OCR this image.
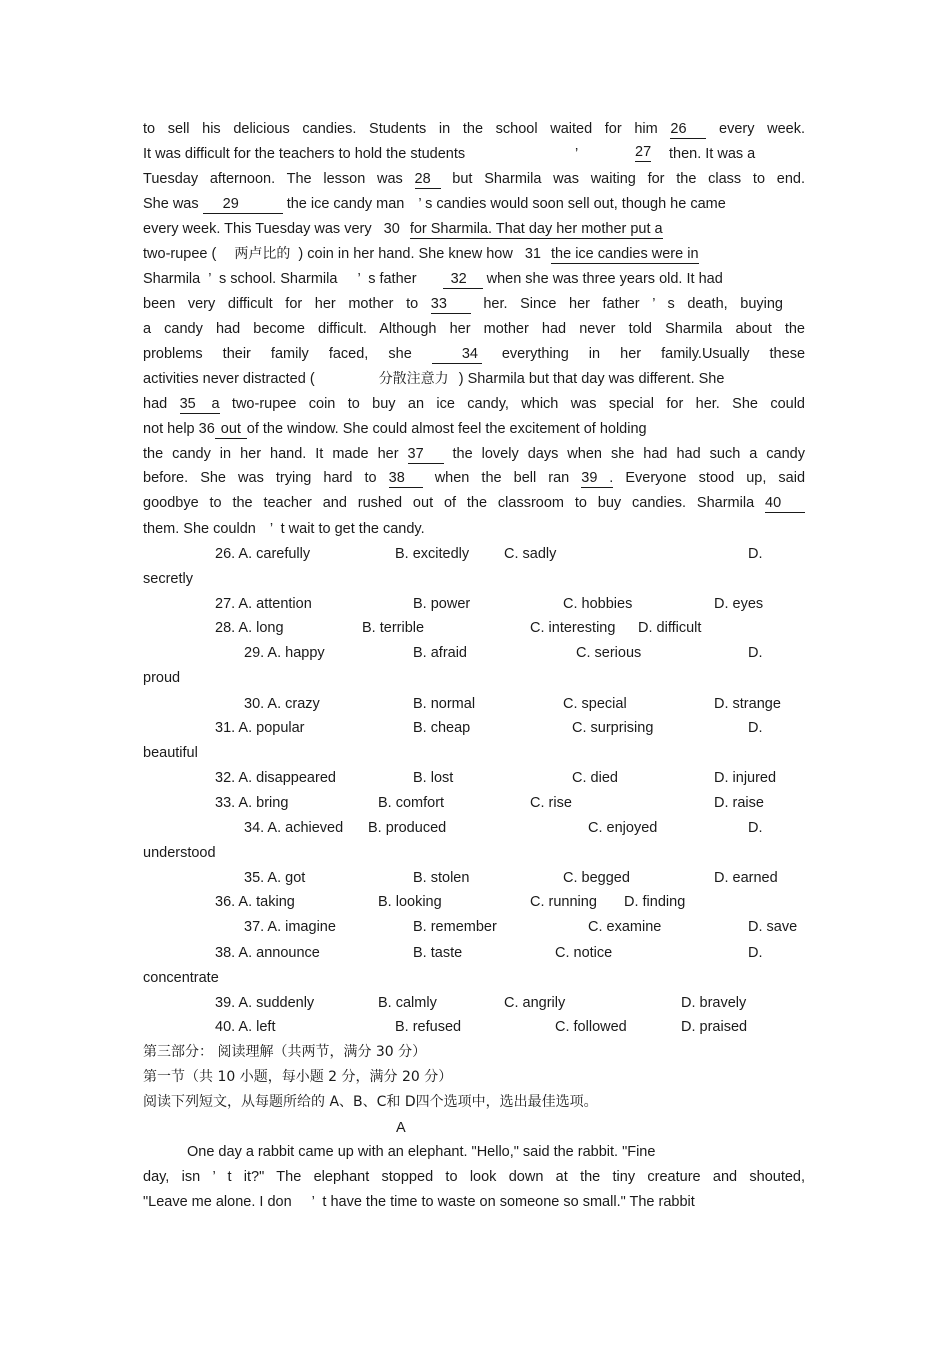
to sell his delicious candies. Students in the school waited for him 26 every week.
It was difficult for the teachers to hold the students	’	27 then. It was a
Tuesday afternoon. The lesson was 28 but Sharmila was waiting for the class to end.
She was 29	the ice candy man ’ s candies would soon sell out, though he came
every week. This Tuesday was very 30 for Sharmila. That day her mother put a
two-rupee ( 两卢比的 ) coin in her hand. She knew how 31 the ice candies were in
Sharmila ’ s school. Sharmila ’ s father 32 when she was three years old. It had
been very difficult for her mother to 33	her. Since her father ’ s death, buying
a candy had become difficult. Although her mother had never told Sharmila about the
problems their family faced, she	34 everything in her family.Usually these
activities never distracted (	分散注意力 ) Sharmila but that day was different. She
had 35 a two-rupee coin to buy an ice candy, which was special for her. She could
not help 36 out of the window. She could almost feel the excitement of holding
the candy in her hand. It made her 37 the lovely days when she had had such a candy
before. She was trying hard to 38 when the bell ran 39 . Everyone stood up, said
goodbye to the teacher and rushed out of the classroom to buy candies. Sharmila 40
them. She couldn ’ t wait to get the candy.
26. A. carefully	B. excitedly C. sadly	D.
secretly
27. A. attention	B. power	C. hobbies	D. eyes
28. A. long	B. terrible	C. interesting D. difficult
29. A. happy	B. afraid	C. serious	D.
proud
30. A. crazy	B. normal	C. special	D. strange
31. A. popular	B. cheap	C. surprising	D.
beautiful
32. A. disappeared	B. lost	C. died	D. injured
33. A. bring	B. comfort	C. rise	D. raise
34. A. achieved B. produced	C. enjoyed	D.
understood
35. A. got	B. stolen	C. begged	D. earned
36. A. taking	B. looking	C. running D. finding
37. A. imagine	B. remember	C. examine	D. save
38. A. announce	B. taste	C. notice	D.
concentrate
39. A. suddenly	B. calmly	C. angrily	D. bravely
40. A. left	B. refused	C. followed	D. praised
第三部分： 阅读理解（共两节，满分 30 分）
第一节（共 10 小题，每小题 2 分，满分 20 分）
阅读下列短文，从每题所给的 A、B、C和 D四个选项中，选出最佳选项。
A
One day a rabbit came up with an elephant. "Hello," said the rabbit. "Fine
day, isn ’ t it?" The elephant stopped to look down at the tiny creature and shouted,
"Leave me alone. I don ’ t have the time to waste on someone so small." The rabbit
